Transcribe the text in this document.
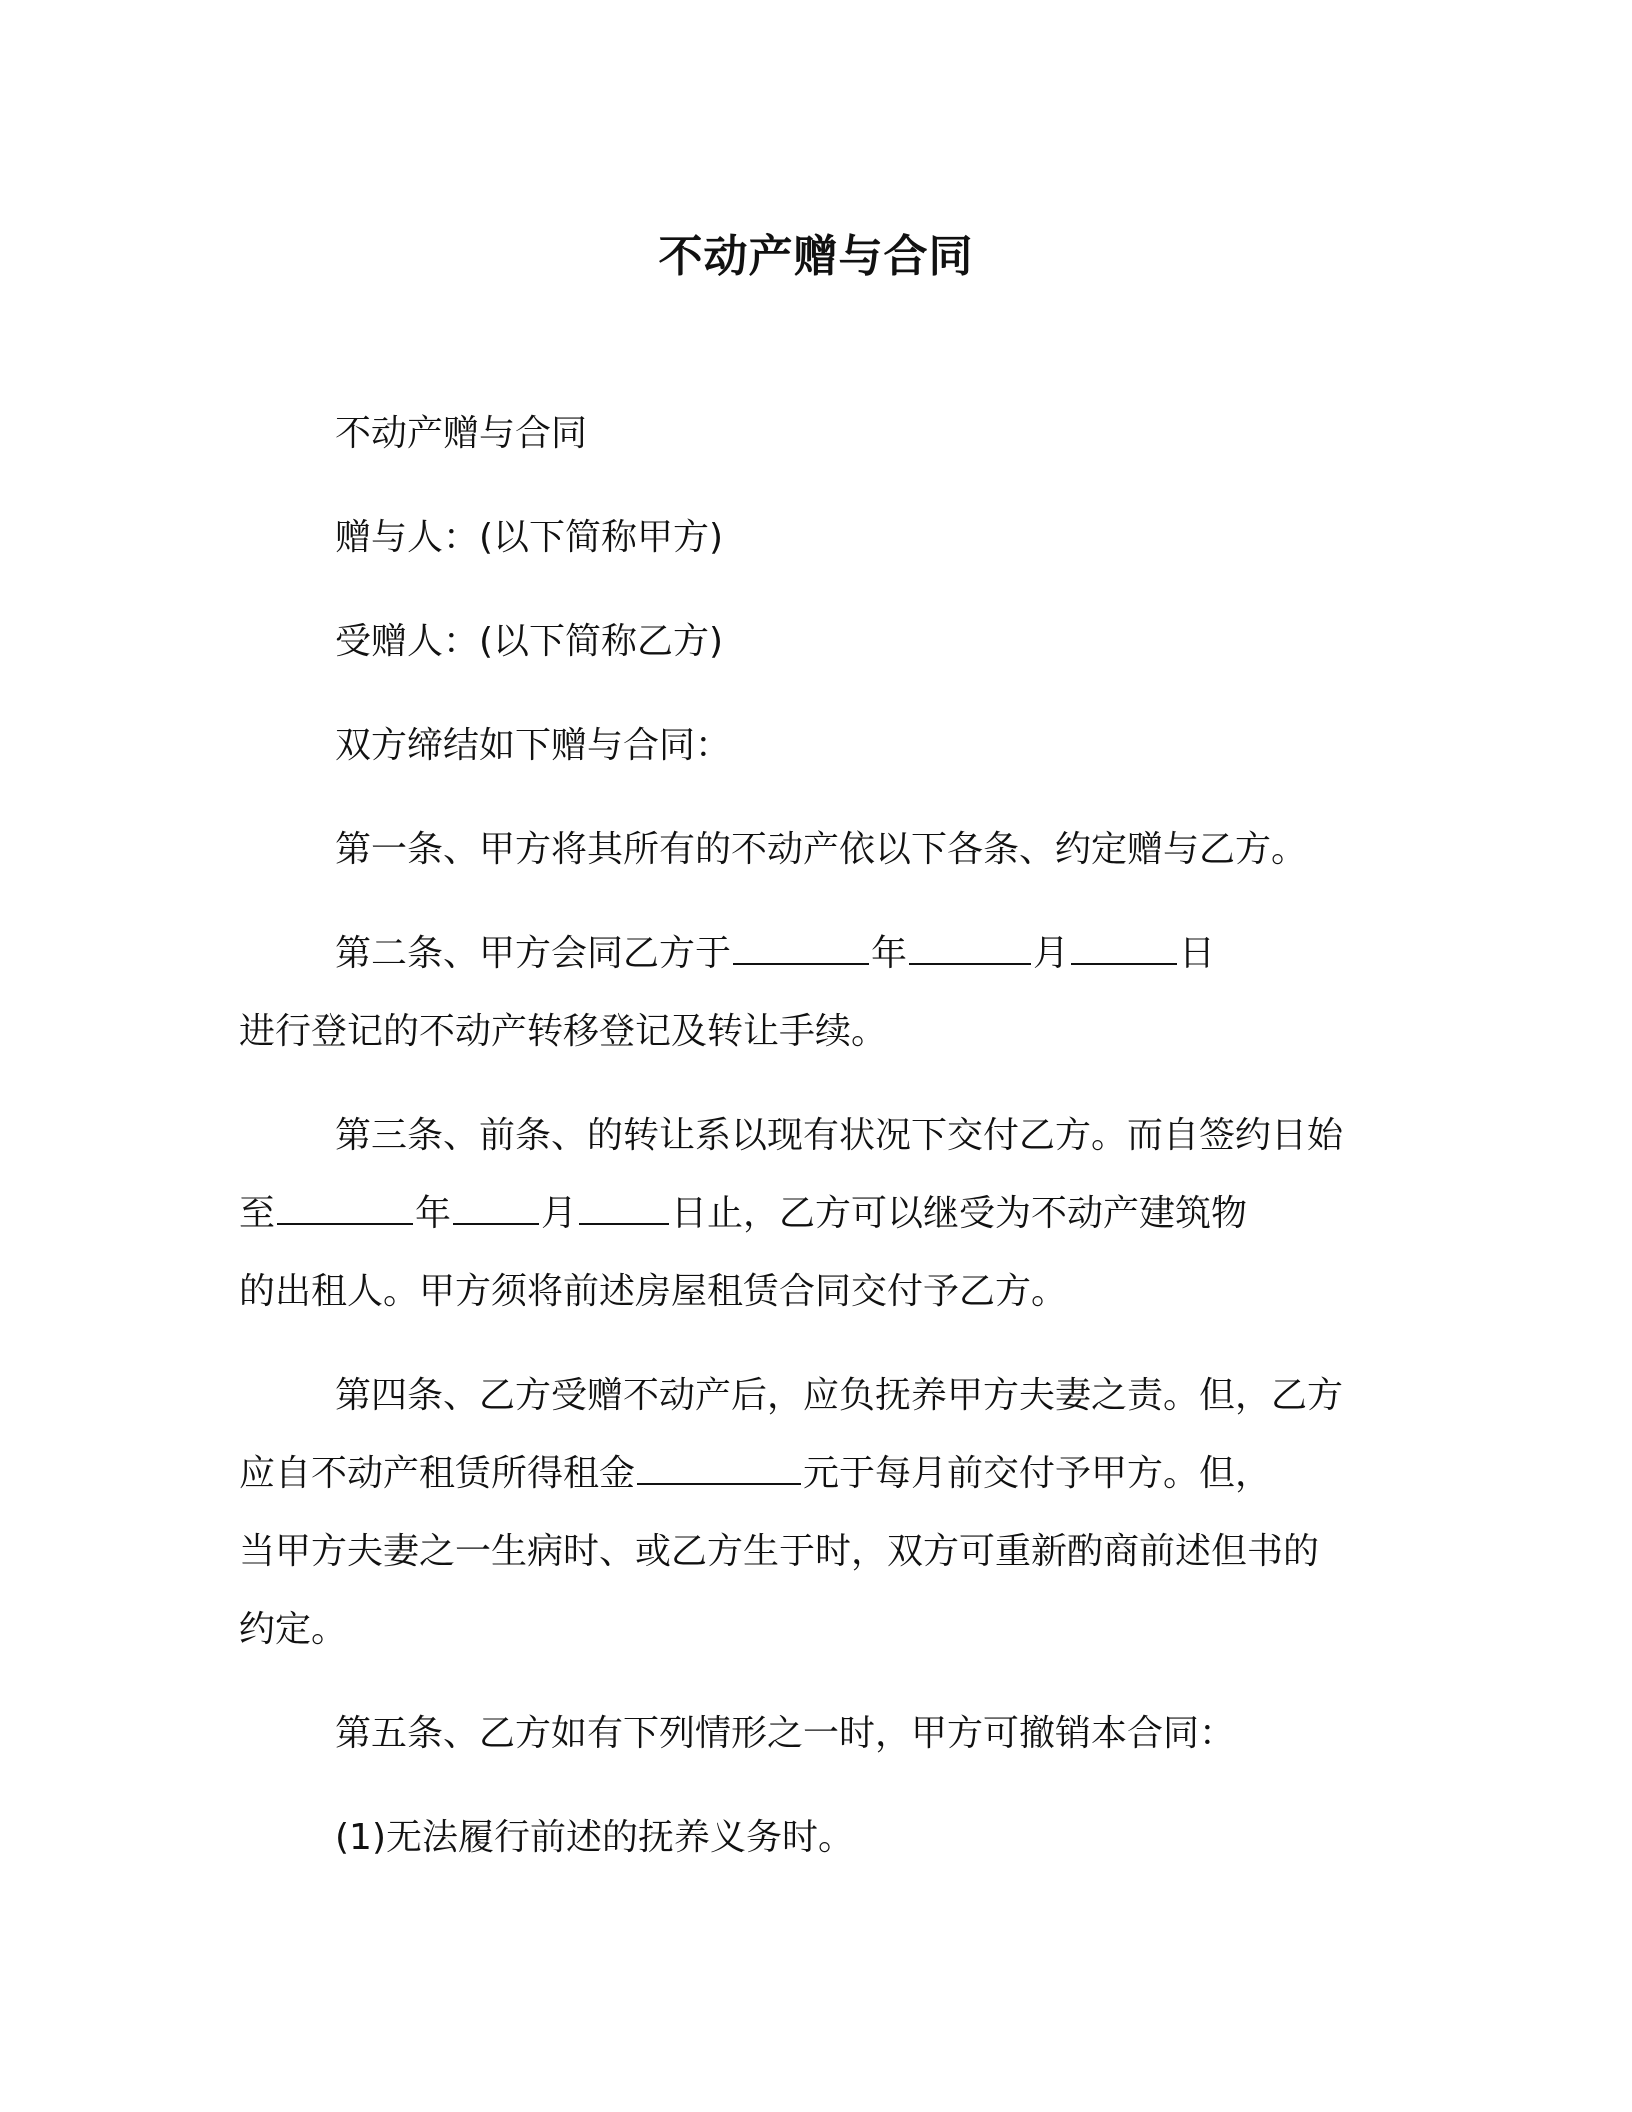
不动产赠与合同

不动产赠与合同

赠与人：(以下简称甲方)

受赠人：(以下简称乙方)

双方缔结如下赠与合同：

第一条、甲方将其所有的不动产依以下各条、约定赠与乙方。

第二条、甲方会同乙方于	年	月	日
进行登记的不动产转移登记及转让手续。

第三条、前条、的转让系以现有状况下交付乙方。而自签约日始
至	年	月	日止，乙方可以继受为不动产建筑物
的出租人。甲方须将前述房屋租赁合同交付予乙方。

第四条、乙方受赠不动产后，应负抚养甲方夫妻之责。但，乙方
应自不动产租赁所得租金	元于每月前交付予甲方。但，
当甲方夫妻之一生病时、或乙方生于时，双方可重新酌商前述但书的
约定。

第五条、乙方如有下列情形之一时，甲方可撤销本合同：

(1)无法履行前述的抚养义务时。
